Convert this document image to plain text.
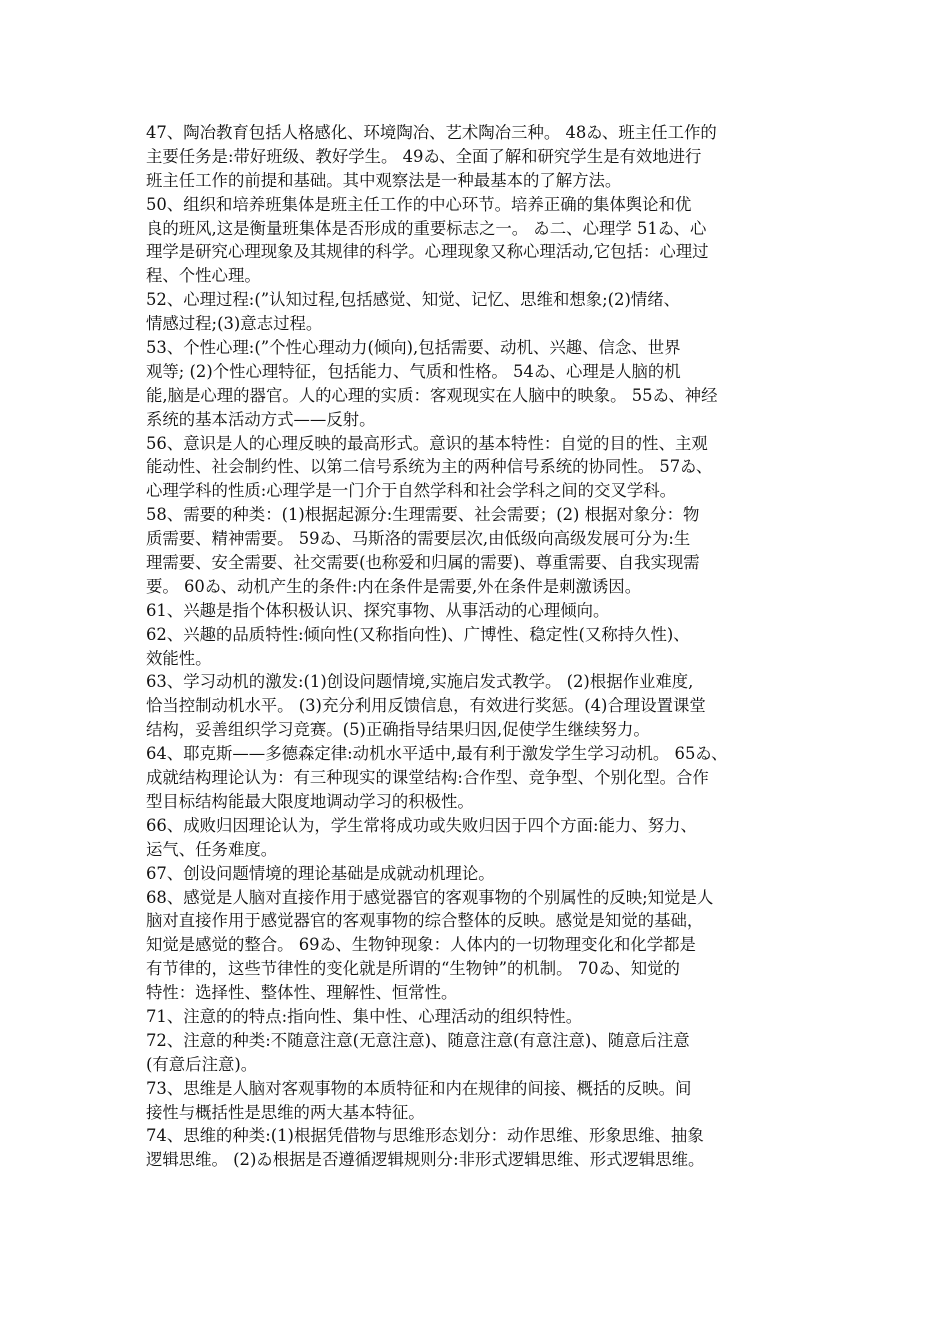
47、陶冶教育包括人格感化、环境陶冶、艺术陶冶三种。 48ゐ、班主任工作的
主要任务是:带好班级、教好学生。 49ゐ、全面了解和研究学生是有效地进行
班主任工作的前提和基础。其中观察法是一种最基本的了解方法。
50、组织和培养班集体是班主任工作的中心环节。培养正确的集体舆论和优
良的班风,这是衡量班集体是否形成的重要标志之一。 ゐ二、心理学 51ゐ、心
理学是研究心理现象及其规律的科学。心理现象又称心理活动,它包括：心理过
程、个性心理。
52、心理过程:(”认知过程,包括感觉、知觉、记忆、思维和想象;(2)情绪、
情感过程;(3)意志过程。
53、个性心理:(”个性心理动力(倾向),包括需要、动机、兴趣、信念、世界
观等; (2)个性心理特征，包括能力、气质和性格。 54ゐ、心理是人脑的机
能,脑是心理的器官。人的心理的实质：客观现实在人脑中的映象。 55ゐ、神经
系统的基本活动方式——反射。
56、意识是人的心理反映的最高形式。意识的基本特性：自觉的目的性、主观
能动性、社会制约性、以第二信号系统为主的两种信号系统的协同性。 57ゐ、
心理学科的性质:心理学是一门介于自然学科和社会学科之间的交叉学科。
58、需要的种类：(1)根据起源分:生理需要、社会需要；(2) 根据对象分：物
质需要、精神需要。 59ゐ、马斯洛的需要层次,由低级向高级发展可分为:生
理需要、安全需要、社交需要(也称爱和归属的需要)、尊重需要、自我实现需
要。 60ゐ、动机产生的条件:内在条件是需要,外在条件是刺激诱因。
61、兴趣是指个体积极认识、探究事物、从事活动的心理倾向。
62、兴趣的品质特性:倾向性(又称指向性)、广博性、稳定性(又称持久性)、
效能性。
63、学习动机的激发:(1)创设问题情境,实施启发式教学。 (2)根据作业难度,
恰当控制动机水平。 (3)充分利用反馈信息，有效进行奖惩。(4)合理设置课堂
结构，妥善组织学习竞赛。(5)正确指导结果归因,促使学生继续努力。
64、耶克斯——多德森定律:动机水平适中,最有利于激发学生学习动机。 65ゐ、
成就结构理论认为：有三种现实的课堂结构:合作型、竞争型、个别化型。合作
型目标结构能最大限度地调动学习的积极性。
66、成败归因理论认为，学生常将成功或失败归因于四个方面:能力、努力、
运气、任务难度。
67、创设问题情境的理论基础是成就动机理论。
68、感觉是人脑对直接作用于感觉器官的客观事物的个别属性的反映;知觉是人
脑对直接作用于感觉器官的客观事物的综合整体的反映。感觉是知觉的基础，
知觉是感觉的整合。 69ゐ、生物钟现象：人体内的一切物理变化和化学都是
有节律的，这些节律性的变化就是所谓的“生物钟”的机制。 70ゐ、知觉的
特性：选择性、整体性、理解性、恒常性。
71、注意的的特点:指向性、集中性、心理活动的组织特性。
72、注意的种类:不随意注意(无意注意)、随意注意(有意注意)、随意后注意
(有意后注意)。
73、思维是人脑对客观事物的本质特征和内在规律的间接、概括的反映。间
接性与概括性是思维的两大基本特征。
74、思维的种类:(1)根据凭借物与思维形态划分：动作思维、形象思维、抽象
逻辑思维。 (2)ゐ根据是否遵循逻辑规则分:非形式逻辑思维、形式逻辑思维。
